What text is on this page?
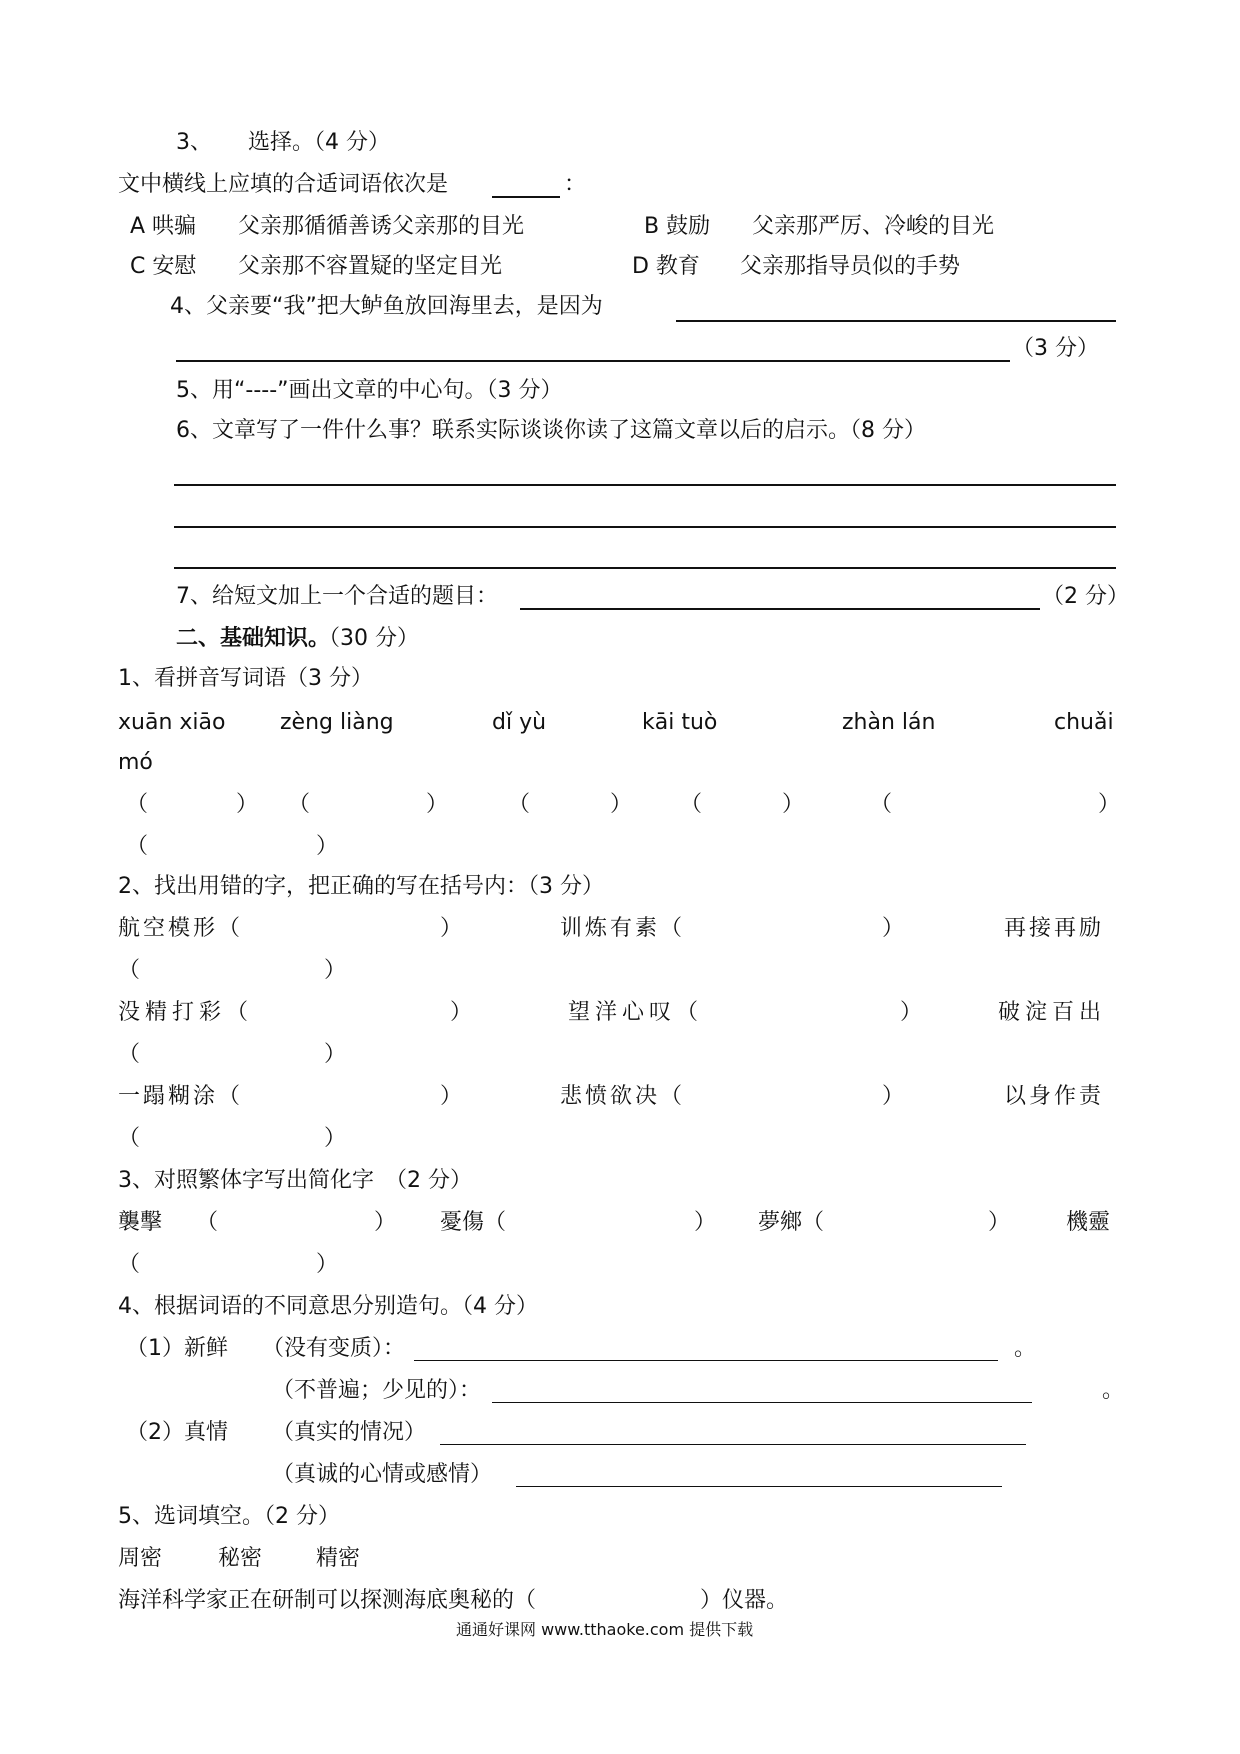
3、 选择。（4 分）
文中横线上应填的合适词语依次是	：
A 哄骗 父亲那循循善诱父亲那的目光	B 鼓励 父亲那严厉、冷峻的目光
C 安慰 父亲那不容置疑的坚定目光	D 教育 父亲那指导员似的手势
4、父亲要“我”把大鲈鱼放回海里去，是因为
（3 分）
5、用“----”画出文章的中心句。（3 分）
6、文章写了一件什么事？联系实际谈谈你读了这篇文章以后的启示。（8 分）
7、给短文加上一个合适的题目：	（2 分）
二、基础知识。
（30 分）
1、看拼音写词语（3 分）
xuān xiāo zèng liàng	dǐ yù	kāi tuò	zhàn lán	chuǎi
mó
（	） （	）	（	） （	）	（	）
（	）
2、找出用错的字，把正确的写在括号内：（3 分）
航空模形（	）	训炼有素（	）	再接再励
（	）
没精打彩（	）	望洋心叹（	）	破淀百出
（	）
一蹋糊涂（	）	悲愤欲决（	）	以身作责
（	）
3、对照繁体字写出简化字　（2 分）
襲擊 （	） 憂傷（	） 夢鄉（	）	機靈
（	）
4、根据词语的不同意思分别造句。（4 分）
（1）新鲜 （没有变质）：	。
（不普遍；少见的）：	。
（2）真情 （真实的情况）
（真诚的心情或感情）
5、选词填空。（2 分）
周密	秘密 精密
海洋科学家正在研制可以探测海底奥秘的（	）仪器。
通通好课网 www.tthaoke.com 提供下载
